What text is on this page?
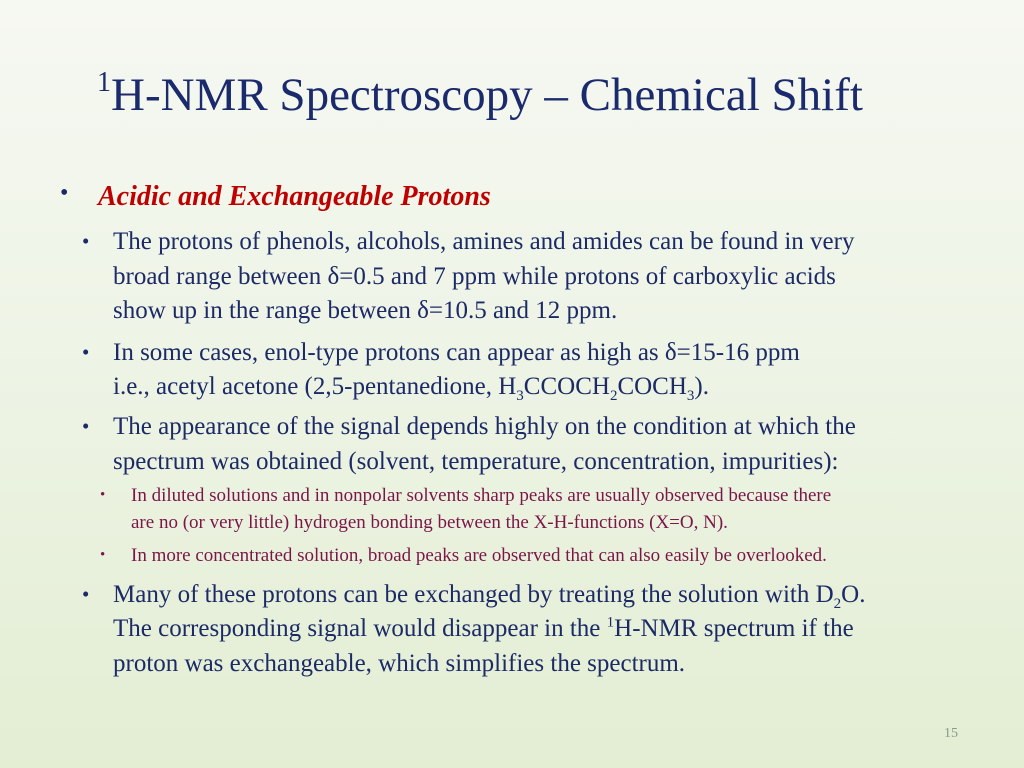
$^1$H-NMR Spectroscopy – Chemical Shift
• Acidic and Exchangeable Protons
• The protons of phenols, alcohols, amines and amides can be found in very
broad range between δ=0.5 and 7 ppm while protons of carboxylic acids
show up in the range between δ=10.5 and 12 ppm.
• In some cases, enol-type protons can appear as high as δ=15-16 ppm
i.e., acetyl acetone (2,5-pentanedione, $H_3CCOCH_2COCH_3$).
• The appearance of the signal depends highly on the condition at which the
spectrum was obtained (solvent, temperature, concentration, impurities):
• In diluted solutions and in nonpolar solvents sharp peaks are usually observed because there
are no (or very little) hydrogen bonding between the X-H-functions (X=O, N).
• In more concentrated solution, broad peaks are observed that can also easily be overlooked.
• Many of these protons can be exchanged by treating the solution with $D_2O$.
The corresponding signal would disappear in the $^1$H-NMR spectrum if the
proton was exchangeable, which simplifies the spectrum.
15
